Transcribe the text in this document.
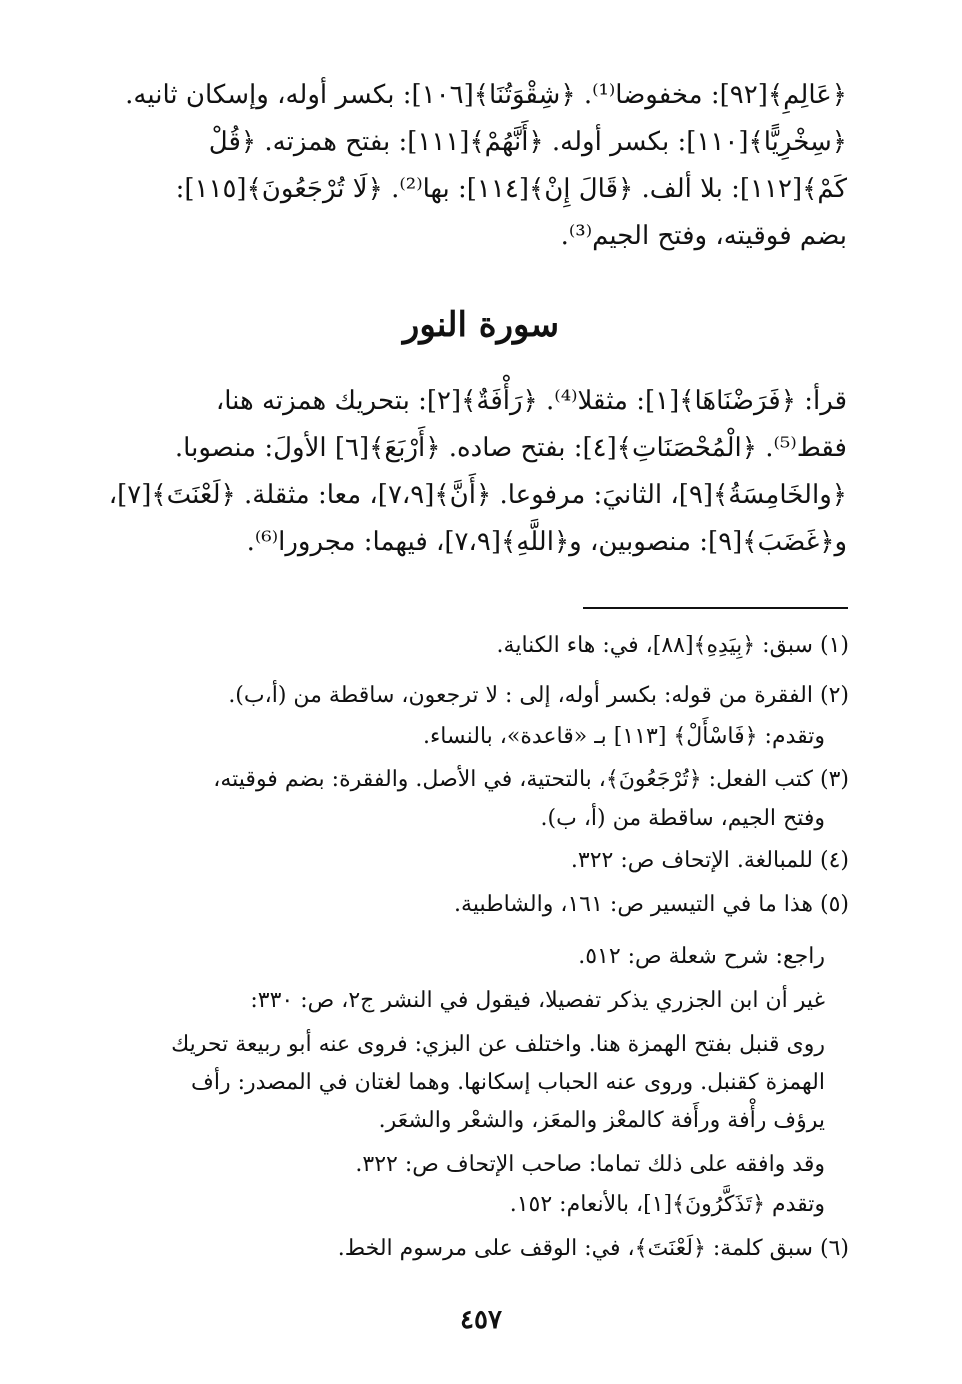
﴿عَالِمِ﴾[٩٢]: مخفوضا⁽¹⁾. ﴿شِقْوَتُنَا﴾[١٠٦]: بكسر أوله، وإسكان ثانيه.
﴿سِخْرِيًّا﴾[١١٠]: بكسر أوله. ﴿أَنَّهُمْ﴾[١١١]: بفتح همزته. ﴿قُلْ
كَمْ﴾[١١٢]: بلا ألف. ﴿قَالَ إِنْ﴾[١١٤]: بها⁽²⁾. ﴿لَا تُرْجَعُونَ﴾[١١٥]:
بضم فوقيته، وفتح الجيم⁽³⁾.
سورة النور
قرأ: ﴿فَرَضْنَاهَا﴾[١]: مثقلا⁽⁴⁾. ﴿رَأْفَةٌ﴾[٢]: بتحريك همزته هنا،
فقط⁽⁵⁾. ﴿الْمُحْصَنَاتِ﴾[٤]: بفتح صاده. ﴿أَرْبَعَ﴾[٦] الأولَ: منصوبا.
﴿والخَامِسَةُ﴾[٩]، الثانيَ: مرفوعا. ﴿أَنَّ﴾[٧،٩]، معا: مثقلة. ﴿لَعْنَتَ﴾[٧]،
و﴿غَضَبَ﴾[٩]: منصوبين، و﴿اللَّهِ﴾[٧،٩]، فيهما: مجرورا⁽⁶⁾.
(١) سبق: ﴿بِيَدِهِ﴾[٨٨]، في: هاء الكناية.
(٢) الفقرة من قوله: بكسر أوله، إلى : لا ترجعون، ساقطة من (أ،ب).
وتقدم: ﴿فَاسْأَلْ﴾ [١١٣] بـ «قاعدة»، بالنساء.
(٣) كتب الفعل: ﴿تُرْجَعُونَ﴾، بالتحتية، في الأصل. والفقرة: بضم فوقيته،
وفتح الجيم، ساقطة من (أ، ب).
(٤) للمبالغة. الإتحاف ص: ٣٢٢.
(٥) هذا ما في التيسير ص: ١٦١، والشاطبية.
راجع: شرح شعلة ص: ٥١٢.
غير أن ابن الجزري يذكر تفصيلا، فيقول في النشر ج٢، ص: ٣٣٠:
روى قنبل بفتح الهمزة هنا. واختلف عن البزي: فروى عنه أبو ربيعة تحريك
الهمزة كقنبل. وروى عنه الحباب إسكانها. وهما لغتان في المصدر: رأف
يرؤف رأْفة ورأَفة كالمعْز والمعَز، والشعْر والشعَر.
وقد وافقه على ذلك تماما: صاحب الإتحاف ص: ٣٢٢.
وتقدم ﴿تَذَكَّرُونَ﴾[١]، بالأنعام: ١٥٢.
(٦) سبق كلمة: ﴿لَعْنَتَ﴾، في: الوقف على مرسوم الخط.
٤٥٧
